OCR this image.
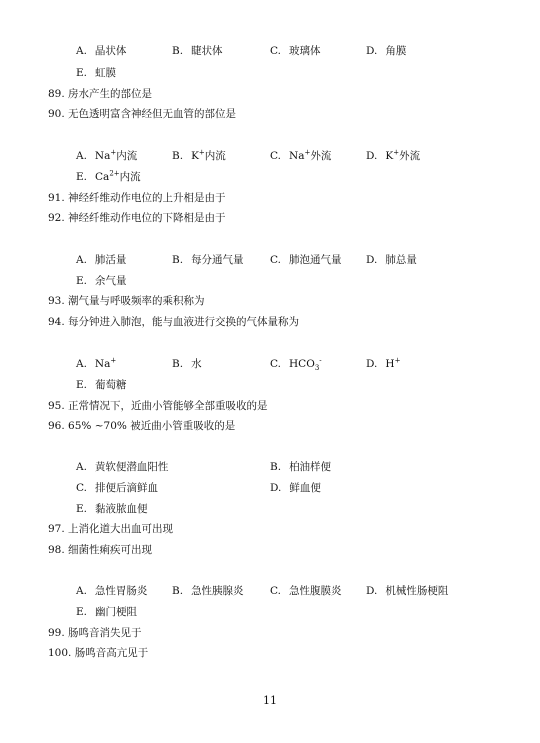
A. 晶状体	B. 睫状体	C. 玻璃体	D. 角膜
E. 虹膜
89. 房水产生的部位是
90. 无色透明富含神经但无血管的部位是
A. Na+内流	B. K+内流	C. Na+外流	D. K+外流
E. $Ca^{2+}$内流
91. 神经纤维动作电位的上升相是由于
92. 神经纤维动作电位的下降相是由于
A. 肺活量	B. 每分通气量	C. 肺泡通气量 D. 肺总量
E. 余气量
93. 潮气量与呼吸频率的乘积称为
94. 每分钟进入肺泡，能与血液进行交换的气体量称为
A. Na+	B. 水	C. $HCO_3^-$	D. H+
E. 葡萄糖
95. 正常情况下，近曲小管能够全部重吸收的是
96. 65% ~70% 被近曲小管重吸收的是
A. 黄软便潜血阳性	B. 柏油样便
C. 排便后滴鲜血	D. 鲜血便
E. 黏液脓血便
97. 上消化道大出血可出现
98. 细菌性痢疾可出现
A. 急性胃肠炎 B. 急性胰腺炎	C. 急性腹膜炎 D. 机械性肠梗阻
E. 幽门梗阻
99. 肠鸣音消失见于
100. 肠鸣音高亢见于
11
